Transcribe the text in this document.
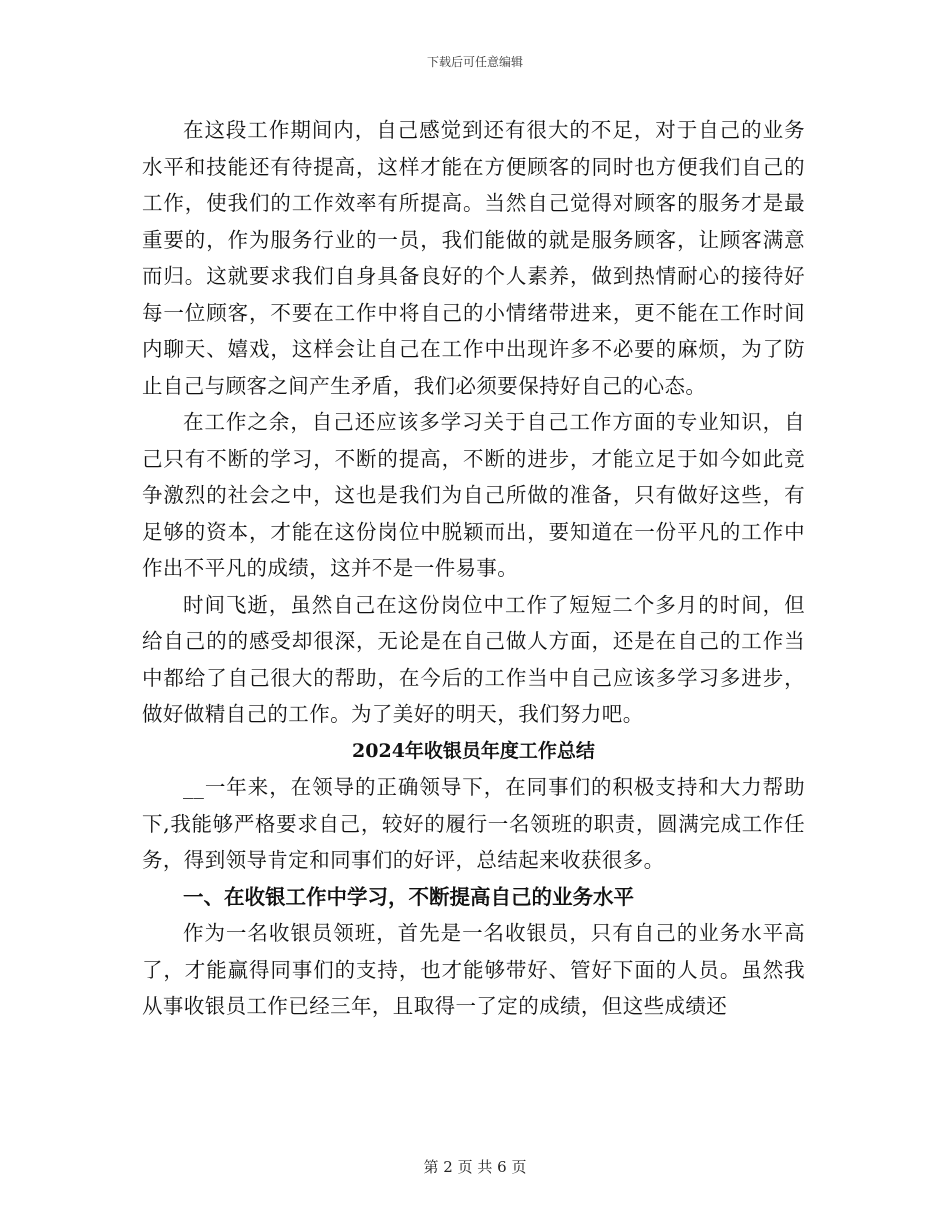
下载后可任意编辑

在这段工作期间内，自己感觉到还有很大的不足，对于自己的业务水平和技能还有待提高，这样才能在方便顾客的同时也方便我们自己的工作，使我们的工作效率有所提高。当然自己觉得对顾客的服务才是最重要的，作为服务行业的一员，我们能做的就是服务顾客，让顾客满意而归。这就要求我们自身具备良好的个人素养，做到热情耐心的接待好每一位顾客，不要在工作中将自己的小情绪带进来，更不能在工作时间内聊天、嬉戏，这样会让自己在工作中出现许多不必要的麻烦，为了防止自己与顾客之间产生矛盾，我们必须要保持好自己的心态。

在工作之余，自己还应该多学习关于自己工作方面的专业知识，自己只有不断的学习，不断的提高，不断的进步，才能立足于如今如此竞争激烈的社会之中，这也是我们为自己所做的准备，只有做好这些，有足够的资本，才能在这份岗位中脱颖而出，要知道在一份平凡的工作中作出不平凡的成绩，这并不是一件易事。

时间飞逝，虽然自己在这份岗位中工作了短短二个多月的时间，但给自己的的感受却很深，无论是在自己做人方面，还是在自己的工作当中都给了自己很大的帮助，在今后的工作当中自己应该多学习多进步，做好做精自己的工作。为了美好的明天，我们努力吧。

2024年收银员年度工作总结

__一年来，在领导的正确领导下，在同事们的积极支持和大力帮助下,我能够严格要求自己，较好的履行一名领班的职责，圆满完成工作任务，得到领导肯定和同事们的好评，总结起来收获很多。

一、在收银工作中学习，不断提高自己的业务水平

作为一名收银员领班，首先是一名收银员，只有自己的业务水平高了，才能赢得同事们的支持，也才能够带好、管好下面的人员。虽然我从事收银员工作已经三年，且取得一了定的成绩，但这些成绩还

第 2 页 共 6 页
